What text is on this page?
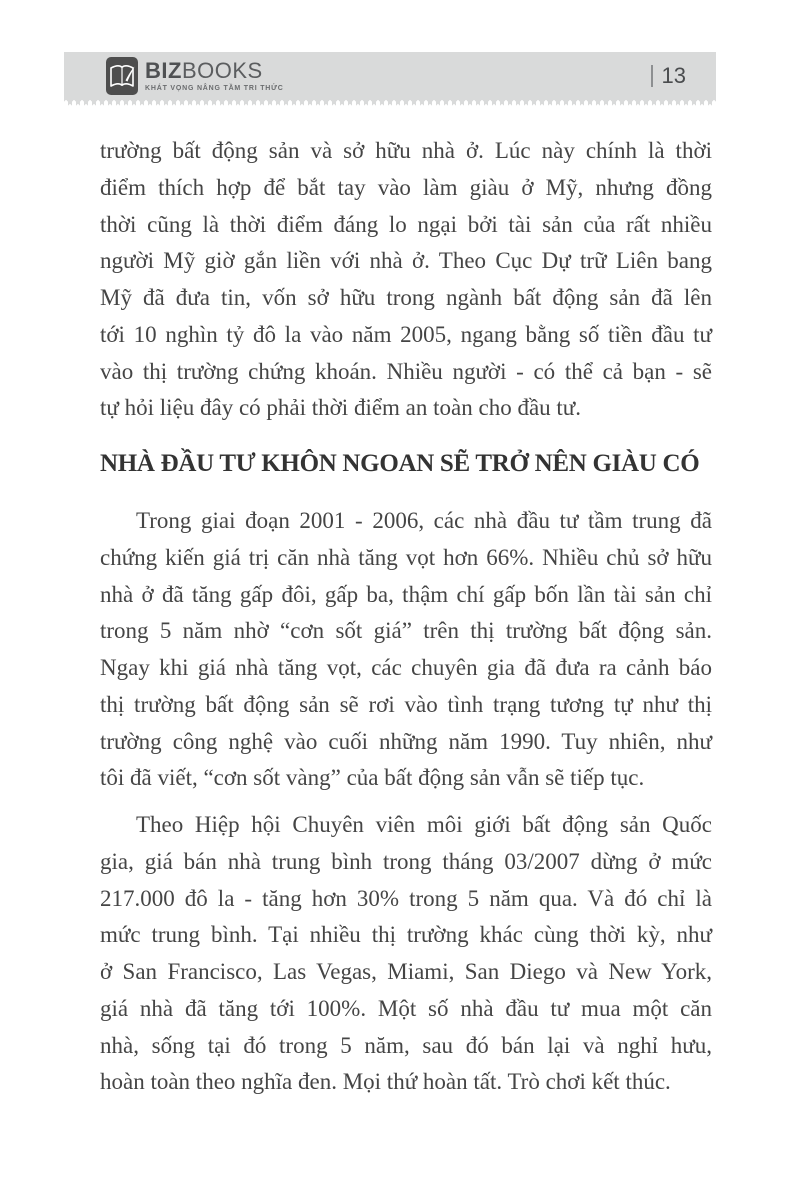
BIZBOOKS
KHÁT VỌNG NÂNG TẦM TRI THỨC
13
trường bất động sản và sở hữu nhà ở. Lúc này chính là thời
điểm thích hợp để bắt tay vào làm giàu ở Mỹ, nhưng đồng
thời cũng là thời điểm đáng lo ngại bởi tài sản của rất nhiều
người Mỹ giờ gắn liền với nhà ở. Theo Cục Dự trữ Liên bang
Mỹ đã đưa tin, vốn sở hữu trong ngành bất động sản đã lên
tới 10 nghìn tỷ đô la vào năm 2005, ngang bằng số tiền đầu tư
vào thị trường chứng khoán. Nhiều người - có thể cả bạn - sẽ
tự hỏi liệu đây có phải thời điểm an toàn cho đầu tư.
NHÀ ĐẦU TƯ KHÔN NGOAN SẼ TRỞ NÊN GIÀU CÓ
Trong giai đoạn 2001 - 2006, các nhà đầu tư tầm trung đã
chứng kiến giá trị căn nhà tăng vọt hơn 66%. Nhiều chủ sở hữu
nhà ở đã tăng gấp đôi, gấp ba, thậm chí gấp bốn lần tài sản chỉ
trong 5 năm nhờ “cơn sốt giá” trên thị trường bất động sản.
Ngay khi giá nhà tăng vọt, các chuyên gia đã đưa ra cảnh báo
thị trường bất động sản sẽ rơi vào tình trạng tương tự như thị
trường công nghệ vào cuối những năm 1990. Tuy nhiên, như
tôi đã viết, “cơn sốt vàng” của bất động sản vẫn sẽ tiếp tục.
Theo Hiệp hội Chuyên viên môi giới bất động sản Quốc
gia, giá bán nhà trung bình trong tháng 03/2007 dừng ở mức
217.000 đô la - tăng hơn 30% trong 5 năm qua. Và đó chỉ là
mức trung bình. Tại nhiều thị trường khác cùng thời kỳ, như
ở San Francisco, Las Vegas, Miami, San Diego và New York,
giá nhà đã tăng tới 100%. Một số nhà đầu tư mua một căn
nhà, sống tại đó trong 5 năm, sau đó bán lại và nghỉ hưu,
hoàn toàn theo nghĩa đen. Mọi thứ hoàn tất. Trò chơi kết thúc.
